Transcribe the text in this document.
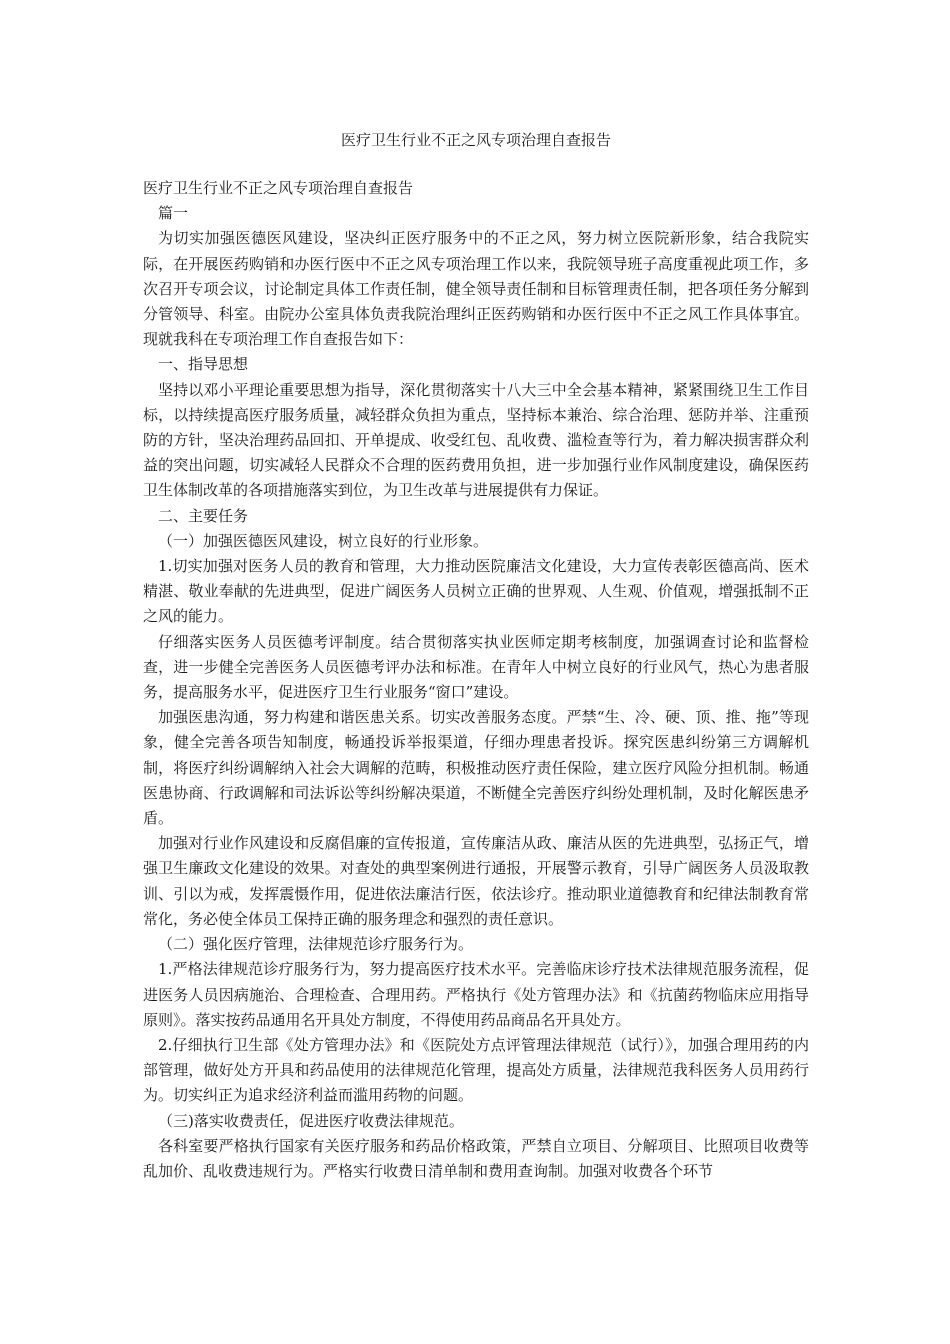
医疗卫生行业不正之风专项治理自查报告

医疗卫生行业不正之风专项治理自查报告

篇一

为切实加强医德医风建设，坚决纠正医疗服务中的不正之风，努力树立医院新形象，结合我院实际，在开展医药购销和办医行医中不正之风专项治理工作以来，我院领导班子高度重视此项工作，多次召开专项会议，讨论制定具体工作责任制，健全领导责任制和目标管理责任制，把各项任务分解到分管领导、科室。由院办公室具体负责我院治理纠正医药购销和办医行医中不正之风工作具体事宜。现就我科在专项治理工作自查报告如下：

一、指导思想

坚持以邓小平理论重要思想为指导，深化贯彻落实十八大三中全会基本精神，紧紧围绕卫生工作目标，以持续提高医疗服务质量，减轻群众负担为重点，坚持标本兼治、综合治理、惩防并举、注重预防的方针，坚决治理药品回扣、开单提成、收受红包、乱收费、滥检查等行为，着力解决损害群众利益的突出问题，切实减轻人民群众不合理的医药费用负担，进一步加强行业作风制度建设，确保医药卫生体制改革的各项措施落实到位，为卫生改革与进展提供有力保证。

二、主要任务

（一）加强医德医风建设，树立良好的行业形象。

1.切实加强对医务人员的教育和管理，大力推动医院廉洁文化建设，大力宣传表彰医德高尚、医术精湛、敬业奉献的先进典型，促进广阔医务人员树立正确的世界观、人生观、价值观，增强抵制不正之风的能力。

仔细落实医务人员医德考评制度。结合贯彻落实执业医师定期考核制度，加强调查讨论和监督检查，进一步健全完善医务人员医德考评办法和标准。在青年人中树立良好的行业风气，热心为患者服务，提高服务水平，促进医疗卫生行业服务“窗口”建设。

加强医患沟通，努力构建和谐医患关系。切实改善服务态度。严禁“生、冷、硬、顶、推、拖”等现象，健全完善各项告知制度，畅通投诉举报渠道，仔细办理患者投诉。探究医患纠纷第三方调解机制，将医疗纠纷调解纳入社会大调解的范畴，积极推动医疗责任保险，建立医疗风险分担机制。畅通医患协商、行政调解和司法诉讼等纠纷解决渠道，不断健全完善医疗纠纷处理机制，及时化解医患矛盾。

加强对行业作风建设和反腐倡廉的宣传报道，宣传廉洁从政、廉洁从医的先进典型，弘扬正气，增强卫生廉政文化建设的效果。对查处的典型案例进行通报，开展警示教育，引导广阔医务人员汲取教训、引以为戒，发挥震慑作用，促进依法廉洁行医，依法诊疗。推动职业道德教育和纪律法制教育常常化，务必使全体员工保持正确的服务理念和强烈的责任意识。

（二）强化医疗管理，法律规范诊疗服务行为。

1.严格法律规范诊疗服务行为，努力提高医疗技术水平。完善临床诊疗技术法律规范服务流程，促进医务人员因病施治、合理检查、合理用药。严格执行《处方管理办法》和《抗菌药物临床应用指导原则》。落实按药品通用名开具处方制度，不得使用药品商品名开具处方。

2.仔细执行卫生部《处方管理办法》和《医院处方点评管理法律规范（试行）》，加强合理用药的内部管理，做好处方开具和药品使用的法律规范化管理，提高处方质量，法律规范我科医务人员用药行为。切实纠正为追求经济利益而滥用药物的问题。

（三)落实收费责任，促进医疗收费法律规范。

各科室要严格执行国家有关医疗服务和药品价格政策，严禁自立项目、分解项目、比照项目收费等乱加价、乱收费违规行为。严格实行收费日清单制和费用查询制。加强对收费各个环节
